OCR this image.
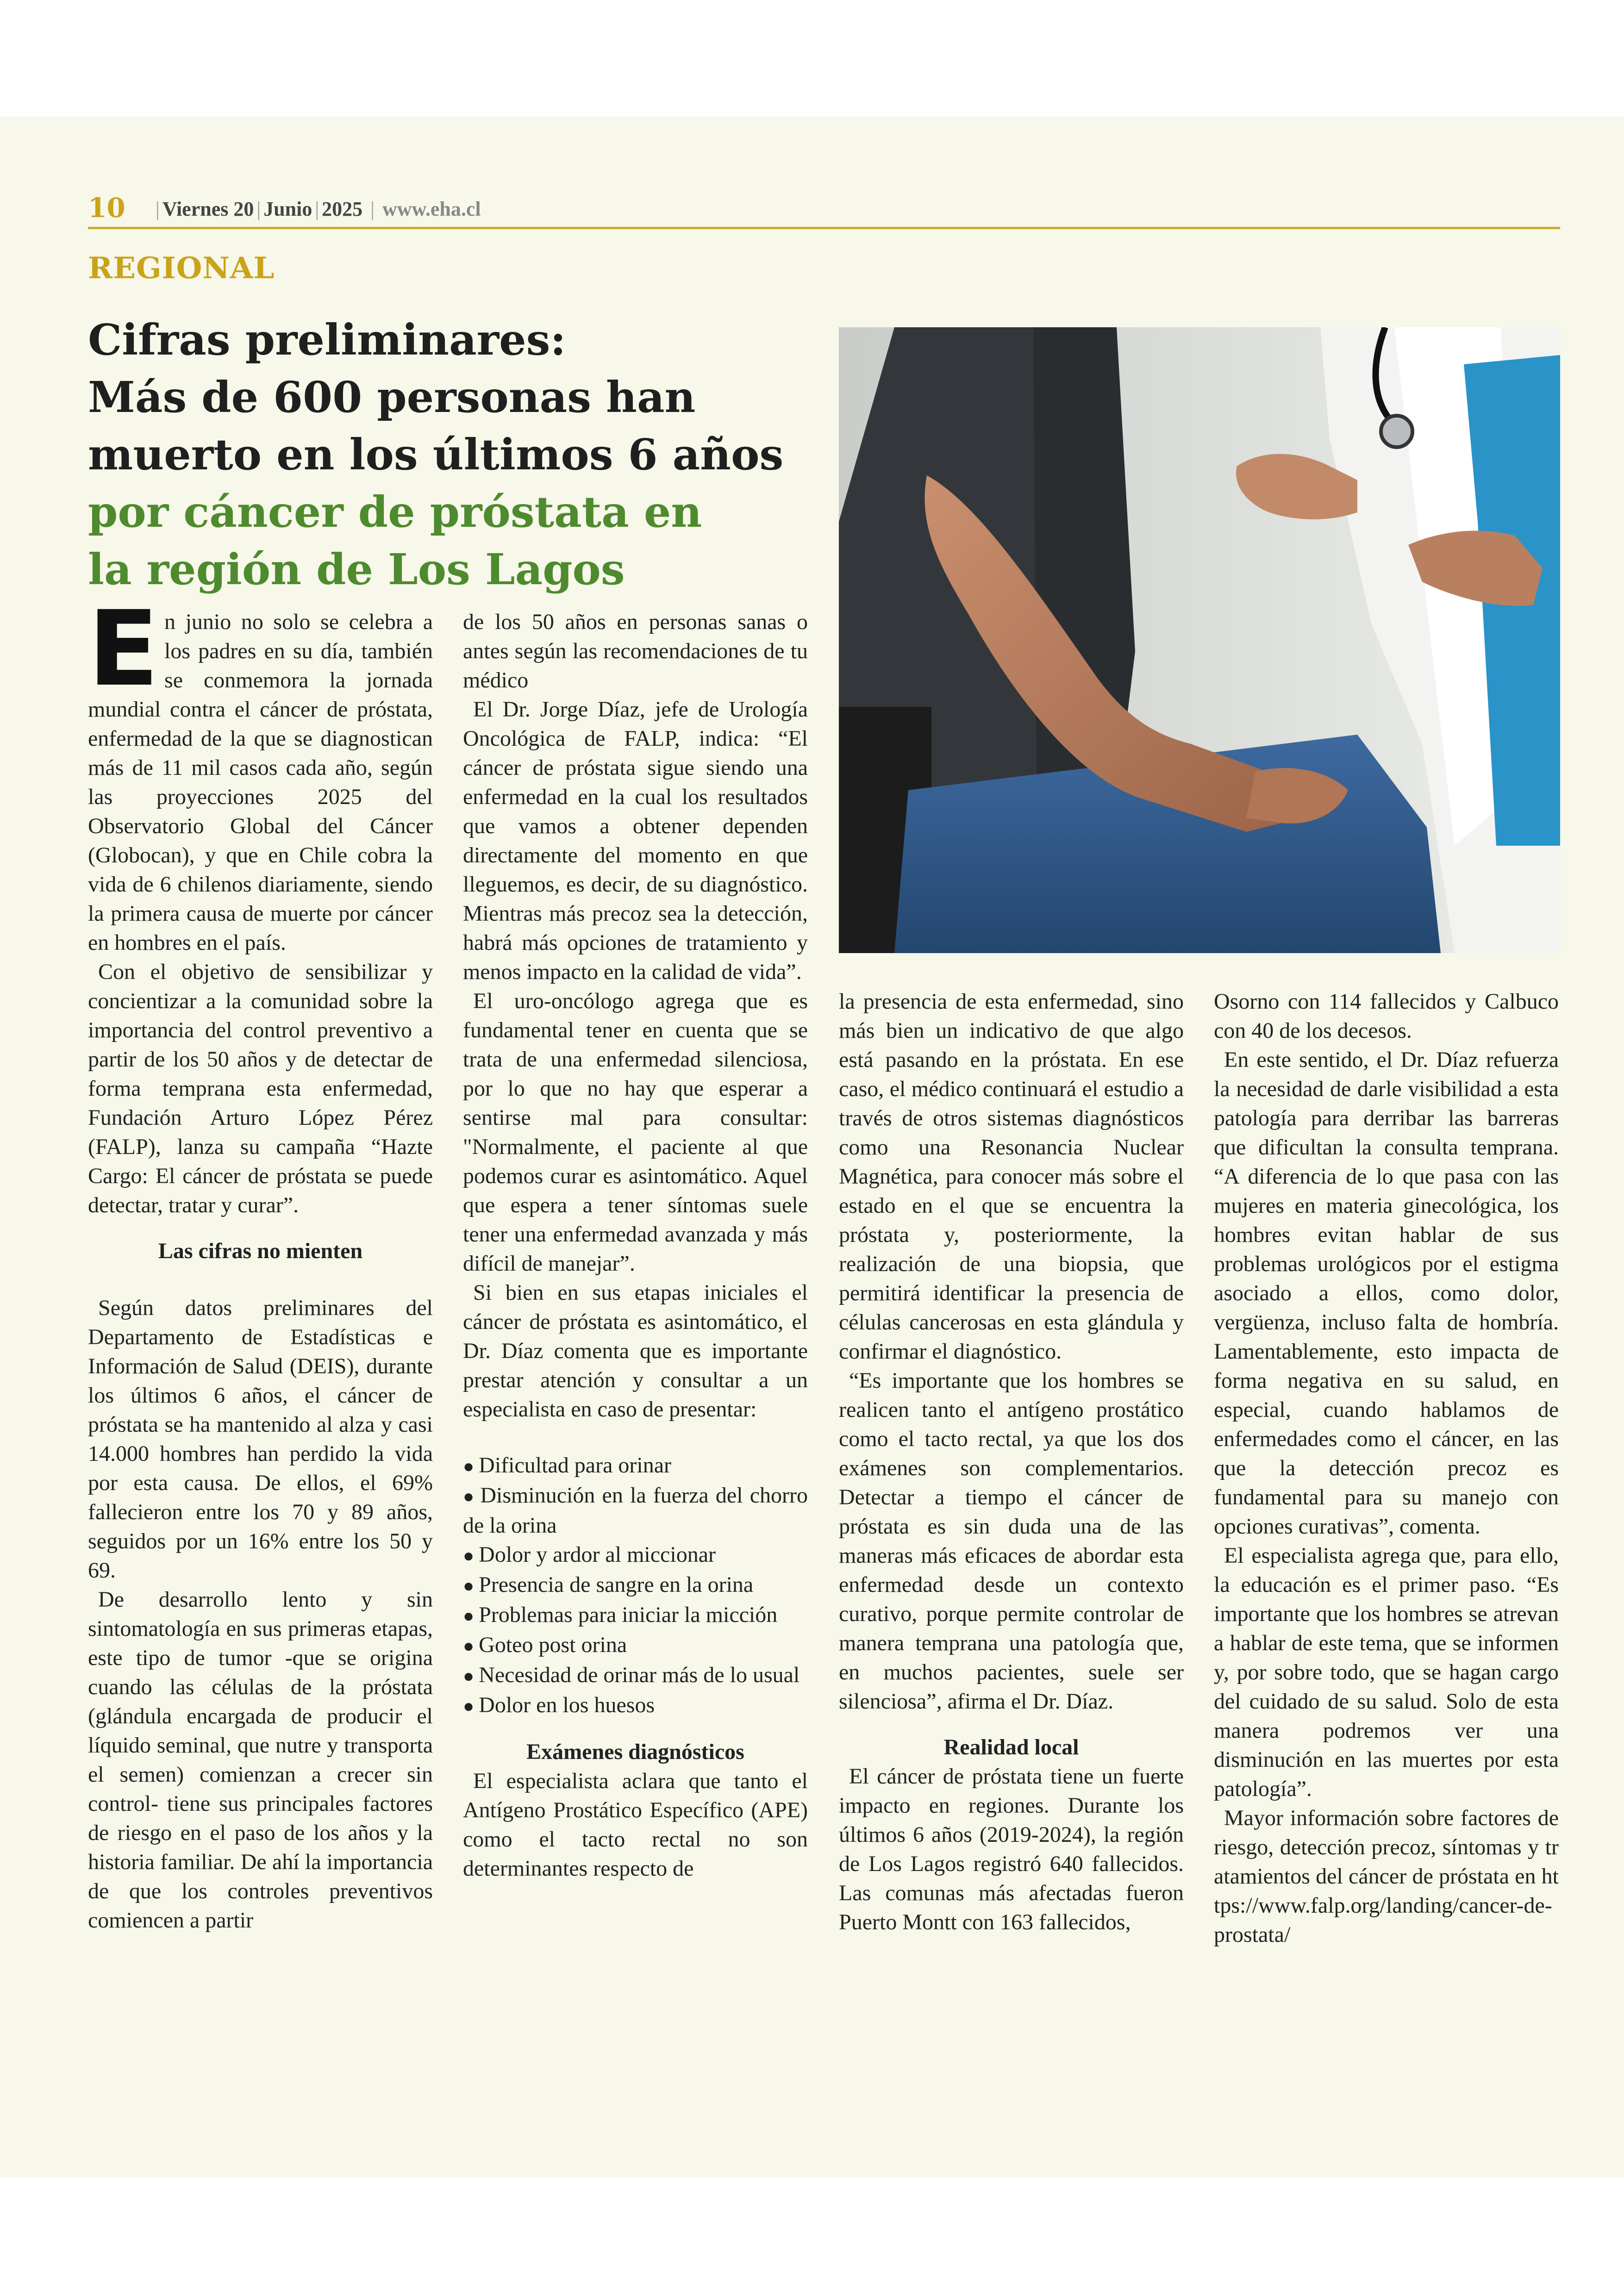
10 | Viernes 20 | Junio | 2025 | www.eha.cl
REGIONAL
Cifras preliminares:
Más de 600 personas han
muerto en los últimos 6 años
por cáncer de próstata en
la región de Los Lagos

En junio no solo se celebra a los padres en su día, también se conmemora la jornada mundial contra el cáncer de próstata, enfermedad de la que se diagnostican más de 11 mil casos cada año, según las proyecciones 2025 del Observatorio Global del Cáncer (Globocan), y que en Chile cobra la vida de 6 chilenos diariamente, siendo la primera causa de muerte por cáncer en hombres en el país.

Con el objetivo de sensibilizar y concientizar a la comunidad sobre la importancia del control preventivo a partir de los 50 años y de detectar de forma temprana esta enfermedad, Fundación Arturo López Pérez (FALP), lanza su campaña “Hazte Cargo: El cáncer de próstata se puede detectar, tratar y curar”.

Las cifras no mienten

Según datos preliminares del Departamento de Estadísticas e Información de Salud (DEIS), durante los últimos 6 años, el cáncer de próstata se ha mantenido al alza y casi 14.000 hombres han perdido la vida por esta causa. De ellos, el 69% fallecieron entre los 70 y 89 años, seguidos por un 16% entre los 50 y 69.

De desarrollo lento y sin sintomatología en sus primeras etapas, este tipo de tumor -que se origina cuando las células de la próstata (glándula encargada de producir el líquido seminal, que nutre y transporta el semen) comienzan a crecer sin control- tiene sus principales factores de riesgo en el paso de los años y la historia familiar. De ahí la importancia de que los controles preventivos comiencen a partir

de los 50 años en personas sanas o antes según las recomendaciones de tu médico

El Dr. Jorge Díaz, jefe de Urología Oncológica de FALP, indica: “El cáncer de próstata sigue siendo una enfermedad en la cual los resultados que vamos a obtener dependen directamente del momento en que lleguemos, es decir, de su diagnóstico. Mientras más precoz sea la detección, habrá más opciones de tratamiento y menos impacto en la calidad de vida”.

El uro-oncólogo agrega que es fundamental tener en cuenta que se trata de una enfermedad silenciosa, por lo que no hay que esperar a sentirse mal para consultar: "Normalmente, el paciente al que podemos curar es asintomático. Aquel que espera a tener síntomas suele tener una enfermedad avanzada y más difícil de manejar”.

Si bien en sus etapas iniciales el cáncer de próstata es asintomático, el Dr. Díaz comenta que es importante prestar atención y consultar a un especialista en caso de presentar:

● Dificultad para orinar
● Disminución en la fuerza del chorro de la orina
● Dolor y ardor al miccionar
● Presencia de sangre en la orina
● Problemas para iniciar la micción
● Goteo post orina
● Necesidad de orinar más de lo usual
● Dolor en los huesos
Exámenes diagnósticos

El especialista aclara que tanto el Antígeno Prostático Específico (APE) como el tacto rectal no son determinantes respecto de

la presencia de esta enfermedad, sino más bien un indicativo de que algo está pasando en la próstata. En ese caso, el médico continuará el estudio a través de otros sistemas diagnósticos como una Resonancia Nuclear Magnética, para conocer más sobre el estado en el que se encuentra la próstata y, posteriormente, la realización de una biopsia, que permitirá identificar la presencia de células cancerosas en esta glándula y confirmar el diagnóstico.

“Es importante que los hombres se realicen tanto el antígeno prostático como el tacto rectal, ya que los dos exámenes son complementarios. Detectar a tiempo el cáncer de próstata es sin duda una de las maneras más eficaces de abordar esta enfermedad desde un contexto curativo, porque permite controlar de manera temprana una patología que, en muchos pacientes, suele ser silenciosa”, afirma el Dr. Díaz.

Realidad local

El cáncer de próstata tiene un fuerte impacto en regiones. Durante los últimos 6 años (2019-2024), la región de Los Lagos registró 640 fallecidos. Las comunas más afectadas fueron Puerto Montt con 163 fallecidos,

Osorno con 114 fallecidos y Calbuco con 40 de los decesos.

En este sentido, el Dr. Díaz refuerza la necesidad de darle visibilidad a esta patología para derribar las barreras que dificultan la consulta temprana. “A diferencia de lo que pasa con las mujeres en materia ginecológica, los hombres evitan hablar de sus problemas urológicos por el estigma asociado a ellos, como dolor, vergüenza, incluso falta de hombría. Lamentablemente, esto impacta de forma negativa en su salud, en especial, cuando hablamos de enfermedades como el cáncer, en las que la detección precoz es fundamental para su manejo con opciones curativas”, comenta.

El especialista agrega que, para ello, la educación es el primer paso. “Es importante que los hombres se atrevan a hablar de este tema, que se informen y, por sobre todo, que se hagan cargo del cuidado de su salud. Solo de esta manera podremos ver una disminución en las muertes por esta patología”.

Mayor información sobre factores de riesgo, detección precoz, síntomas y tratamientos del cáncer de próstata en https://www.falp.org/landing/cancer-de-prostata/
